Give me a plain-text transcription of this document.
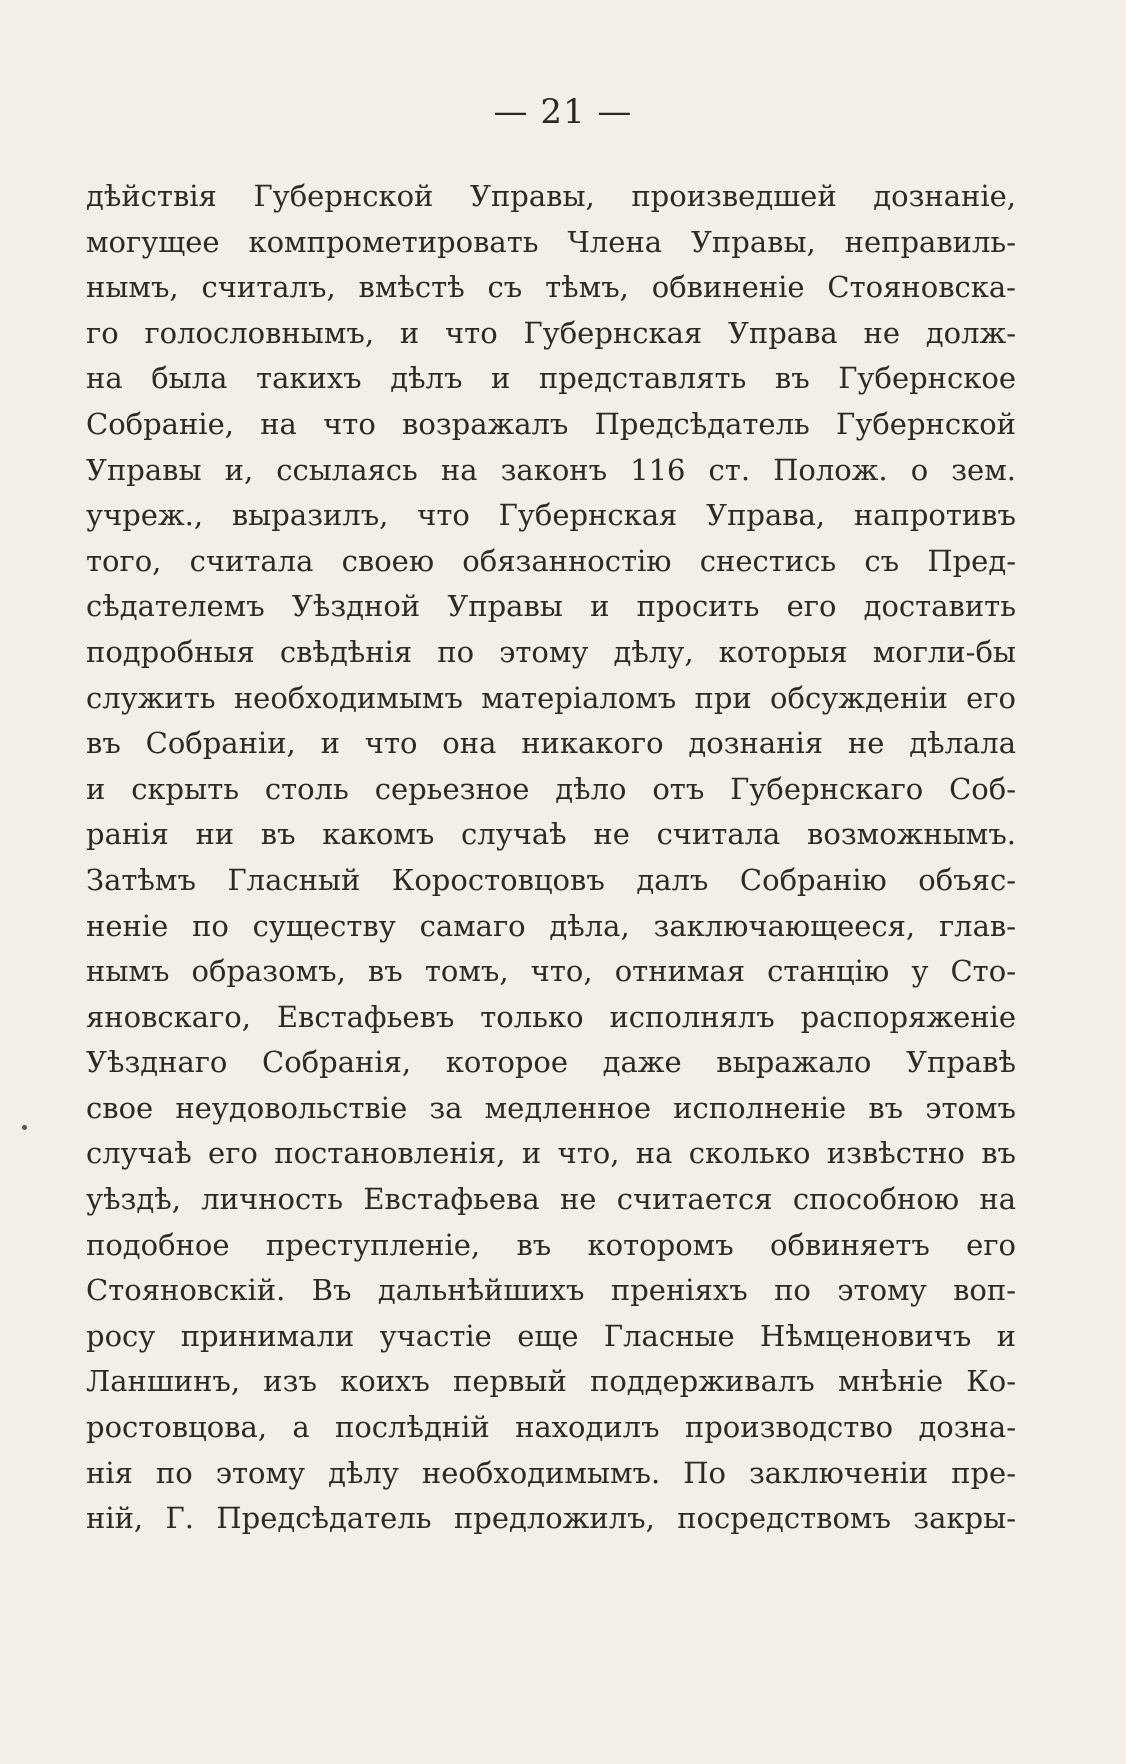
— 21 —
дѣйствія Губернской Управы, произведшей дознаніе,
могущее компрометировать Члена Управы, неправиль-
нымъ, считалъ, вмѣстѣ съ тѣмъ, обвиненіе Стояновска-
го голословнымъ, и что Губернская Управа не долж-
на была такихъ дѣлъ и представлять въ Губернское
Собраніе, на что возражалъ Предсѣдатель Губернской
Управы и, ссылаясь на законъ 116 ст. Полож. о зем.
учреж., выразилъ, что Губернская Управа, напротивъ
того, считала своею обязанностію снестись съ Пред-
сѣдателемъ Уѣздной Управы и просить его доставить
подробныя свѣдѣнія по этому дѣлу, которыя могли-бы
служить необходимымъ матеріаломъ при обсужденіи его
въ Собраніи, и что она никакого дознанія не дѣлала
и скрыть столь серьезное дѣло отъ Губернскаго Соб-
ранія ни въ какомъ случаѣ не считала возможнымъ.
Затѣмъ Гласный Коростовцовъ далъ Собранію объяс-
неніе по существу самаго дѣла, заключающееся, глав-
нымъ образомъ, въ томъ, что, отнимая станцію у Сто-
яновскаго, Евстафьевъ только исполнялъ распоряженіе
Уѣзднаго Собранія, которое даже выражало Управѣ
свое неудовольствіе за медленное исполненіе въ этомъ
случаѣ его постановленія, и что, на сколько извѣстно въ
уѣздѣ, личность Евстафьева не считается способною на
подобное преступленіе, въ которомъ обвиняетъ его
Стояновскій. Въ дальнѣйшихъ преніяхъ по этому воп-
росу принимали участіе еще Гласные Нѣмценовичъ и
Ланшинъ, изъ коихъ первый поддерживалъ мнѣніе Ко-
ростовцова, а послѣдній находилъ производство дозна-
нія по этому дѣлу необходимымъ. По заключеніи пре-
ній, Г. Предсѣдатель предложилъ, посредствомъ закры-
